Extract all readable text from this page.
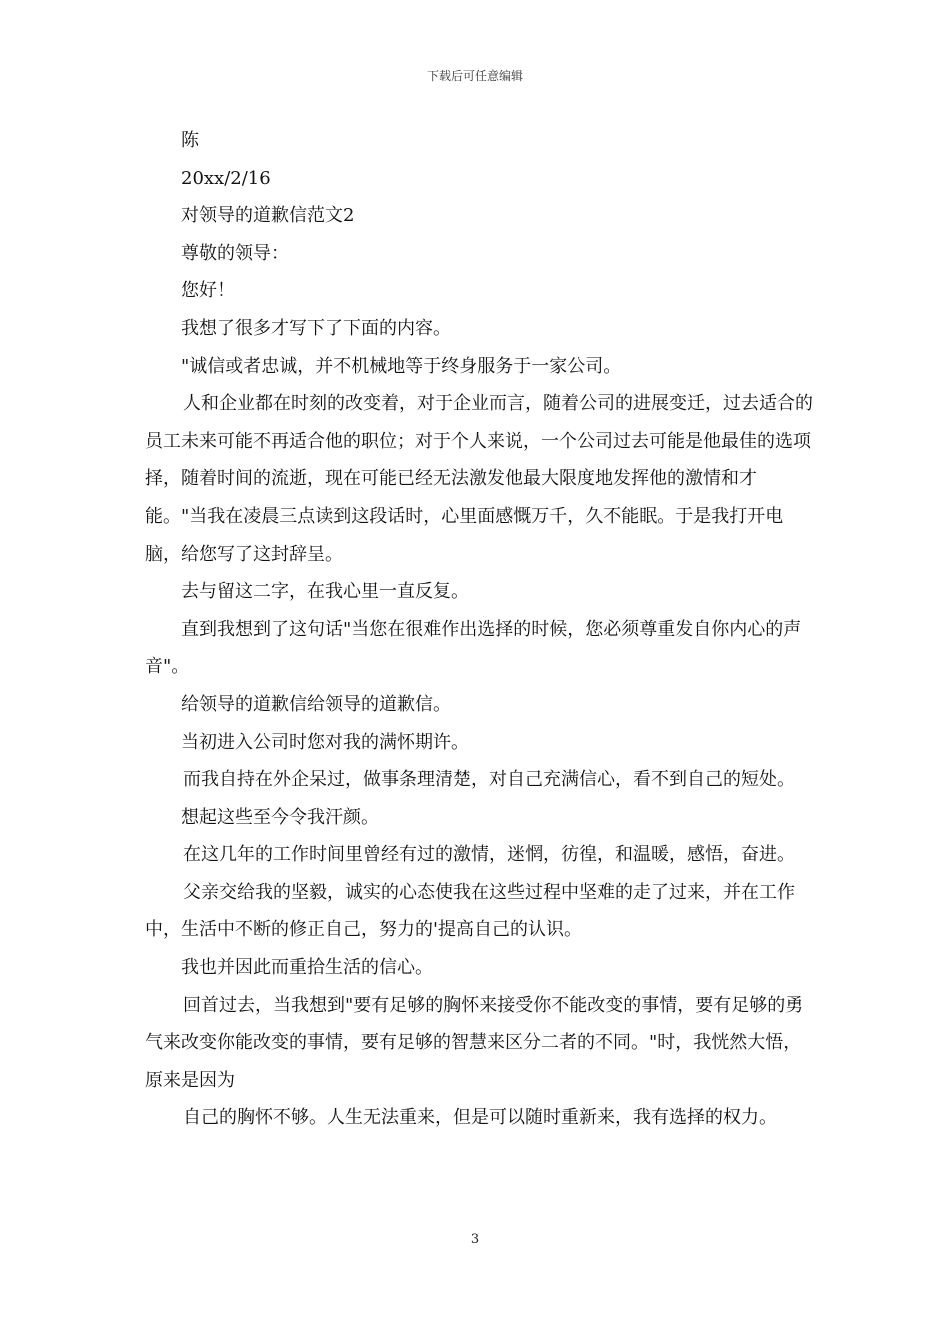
下载后可任意编辑

陈

20xx/2/16

对领导的道歉信范文2

尊敬的领导：

您好！

我想了很多才写下了下面的内容。

"诚信或者忠诚，并不机械地等于终身服务于一家公司。

人和企业都在时刻的改变着，对于企业而言，随着公司的进展变迁，过去适合的员工未来可能不再适合他的职位；对于个人来说，一个公司过去可能是他最佳的选项择，随着时间的流逝，现在可能已经无法激发他最大限度地发挥他的激情和才能。"当我在凌晨三点读到这段话时，心里面感慨万千，久不能眠。于是我打开电脑，给您写了这封辞呈。

去与留这二字，在我心里一直反复。

直到我想到了这句话"当您在很难作出选择的时候，您必须尊重发自你内心的声音"。

给领导的道歉信给领导的道歉信。

当初进入公司时您对我的满怀期许。

而我自持在外企呆过，做事条理清楚，对自己充满信心，看不到自己的短处。

想起这些至今令我汗颜。

在这几年的工作时间里曾经有过的激情，迷惘，彷徨，和温暖，感悟，奋进。

父亲交给我的坚毅，诚实的心态使我在这些过程中坚难的走了过来，并在工作中，生活中不断的修正自己，努力的'提高自己的认识。

我也并因此而重拾生活的信心。

回首过去，当我想到"要有足够的胸怀来接受你不能改变的事情，要有足够的勇气来改变你能改变的事情，要有足够的智慧来区分二者的不同。"时，我恍然大悟，原来是因为

自己的胸怀不够。人生无法重来，但是可以随时重新来，我有选择的权力。

3
